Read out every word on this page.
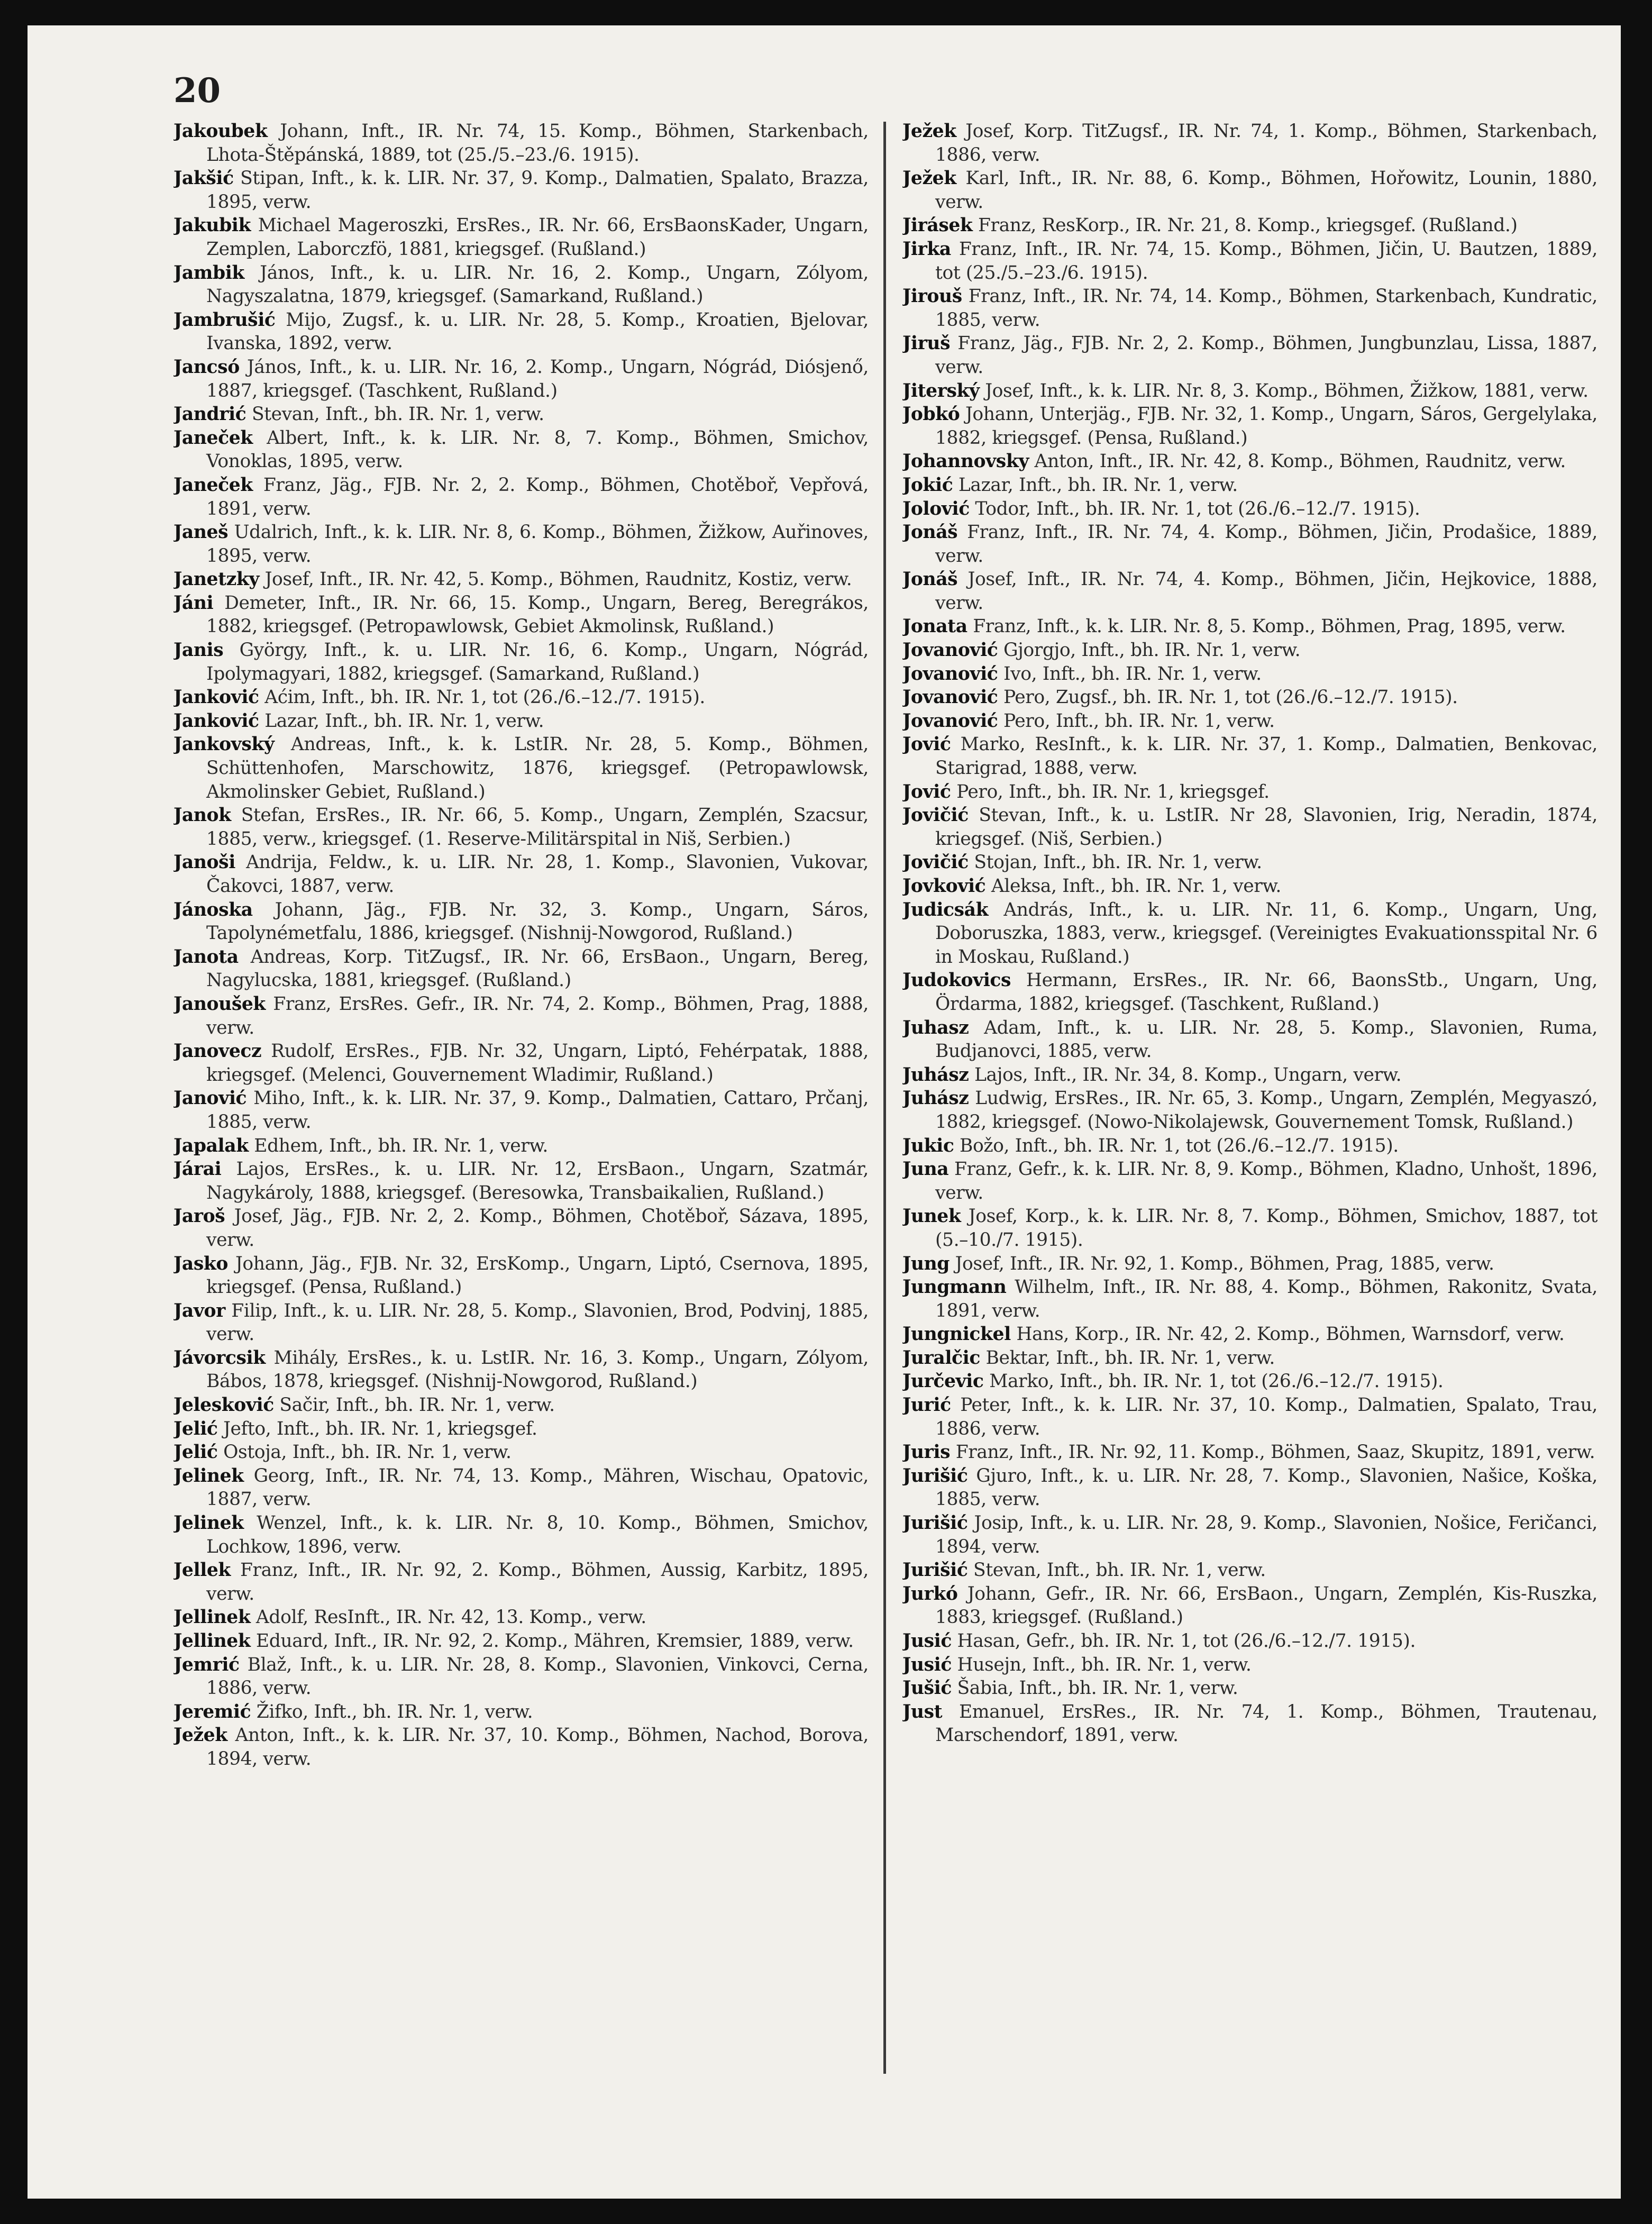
20

Jakoubek Johann, Inft., IR. Nr. 74, 15. Komp., Böhmen, Starkenbach, Lhota-Štěpánská, 1889, tot (25./5.–23./6. 1915).

Jakšić Stipan, Inft., k. k. LIR. Nr. 37, 9. Komp., Dalmatien, Spalato, Brazza, 1895, verw.

Jakubik Michael Mageroszki, ErsRes., IR. Nr. 66, ErsBaonsKader, Ungarn, Zemplen, Laborczfö, 1881, kriegsgef. (Rußland.)

Jambik János, Inft., k. u. LIR. Nr. 16, 2. Komp., Ungarn, Zólyom, Nagyszalatna, 1879, kriegsgef. (Samarkand, Rußland.)

Jambrušić Mijo, Zugsf., k. u. LIR. Nr. 28, 5. Komp., Kroatien, Bjelovar, Ivanska, 1892, verw.

Jancsó János, Inft., k. u. LIR. Nr. 16, 2. Komp., Ungarn, Nógrád, Diósjenő, 1887, kriegsgef. (Taschkent, Rußland.)

Jandrić Stevan, Inft., bh. IR. Nr. 1, verw.

Janeček Albert, Inft., k. k. LIR. Nr. 8, 7. Komp., Böhmen, Smichov, Vonoklas, 1895, verw.

Janeček Franz, Jäg., FJB. Nr. 2, 2. Komp., Böhmen, Chotěboř, Vepřová, 1891, verw.

Janeš Udalrich, Inft., k. k. LIR. Nr. 8, 6. Komp., Böhmen, Žižkow, Auřinoves, 1895, verw.

Janetzky Josef, Inft., IR. Nr. 42, 5. Komp., Böhmen, Raudnitz, Kostiz, verw.

Jáni Demeter, Inft., IR. Nr. 66, 15. Komp., Ungarn, Bereg, Beregrákos, 1882, kriegsgef. (Petropawlowsk, Gebiet Akmolinsk, Rußland.)

Janis György, Inft., k. u. LIR. Nr. 16, 6. Komp., Ungarn, Nógrád, Ipolymagyari, 1882, kriegsgef. (Samarkand, Rußland.)

Janković Aćim, Inft., bh. IR. Nr. 1, tot (26./6.–12./7. 1915).

Janković Lazar, Inft., bh. IR. Nr. 1, verw.

Jankovský Andreas, Inft., k. k. LstIR. Nr. 28, 5. Komp., Böhmen, Schüttenhofen, Marschowitz, 1876, kriegsgef. (Petropawlowsk, Akmolinsker Gebiet, Rußland.)

Janok Stefan, ErsRes., IR. Nr. 66, 5. Komp., Ungarn, Zemplén, Szacsur, 1885, verw., kriegsgef. (1. Reserve-Militärspital in Niš, Serbien.)

Janoši Andrija, Feldw., k. u. LIR. Nr. 28, 1. Komp., Slavonien, Vukovar, Čakovci, 1887, verw.

Jánoska Johann, Jäg., FJB. Nr. 32, 3. Komp., Ungarn, Sáros, Tapolynémetfalu, 1886, kriegsgef. (Nishnij-Nowgorod, Rußland.)

Janota Andreas, Korp. TitZugsf., IR. Nr. 66, ErsBaon., Ungarn, Bereg, Nagylucska, 1881, kriegsgef. (Rußland.)

Janoušek Franz, ErsRes. Gefr., IR. Nr. 74, 2. Komp., Böhmen, Prag, 1888, verw.

Janovecz Rudolf, ErsRes., FJB. Nr. 32, Ungarn, Liptó, Fehérpatak, 1888, kriegsgef. (Melenci, Gouvernement Wladimir, Rußland.)

Janović Miho, Inft., k. k. LIR. Nr. 37, 9. Komp., Dalmatien, Cattaro, Prčanj, 1885, verw.

Japalak Edhem, Inft., bh. IR. Nr. 1, verw.

Járai Lajos, ErsRes., k. u. LIR. Nr. 12, ErsBaon., Ungarn, Szatmár, Nagykároly, 1888, kriegsgef. (Beresowka, Transbaikalien, Rußland.)

Jaroš Josef, Jäg., FJB. Nr. 2, 2. Komp., Böhmen, Chotěboř, Sázava, 1895, verw.

Jasko Johann, Jäg., FJB. Nr. 32, ErsKomp., Ungarn, Liptó, Csernova, 1895, kriegsgef. (Pensa, Rußland.)

Javor Filip, Inft., k. u. LIR. Nr. 28, 5. Komp., Slavonien, Brod, Podvinj, 1885, verw.

Jávorcsik Mihály, ErsRes., k. u. LstIR. Nr. 16, 3. Komp., Ungarn, Zólyom, Bábos, 1878, kriegsgef. (Nishnij-Nowgorod, Rußland.)

Jelesković Sačir, Inft., bh. IR. Nr. 1, verw.

Jelić Jefto, Inft., bh. IR. Nr. 1, kriegsgef.

Jelić Ostoja, Inft., bh. IR. Nr. 1, verw.

Jelinek Georg, Inft., IR. Nr. 74, 13. Komp., Mähren, Wischau, Opatovic, 1887, verw.

Jelinek Wenzel, Inft., k. k. LIR. Nr. 8, 10. Komp., Böhmen, Smichov, Lochkow, 1896, verw.

Jellek Franz, Inft., IR. Nr. 92, 2. Komp., Böhmen, Aussig, Karbitz, 1895, verw.

Jellinek Adolf, ResInft., IR. Nr. 42, 13. Komp., verw.

Jellinek Eduard, Inft., IR. Nr. 92, 2. Komp., Mähren, Kremsier, 1889, verw.

Jemrić Blaž, Inft., k. u. LIR. Nr. 28, 8. Komp., Slavonien, Vinkovci, Cerna, 1886, verw.

Jeremić Žifko, Inft., bh. IR. Nr. 1, verw.

Ježek Anton, Inft., k. k. LIR. Nr. 37, 10. Komp., Böhmen, Nachod, Borova, 1894, verw.

Ježek Josef, Korp. TitZugsf., IR. Nr. 74, 1. Komp., Böhmen, Starkenbach, 1886, verw.

Ježek Karl, Inft., IR. Nr. 88, 6. Komp., Böhmen, Hořowitz, Lounin, 1880, verw.

Jirásek Franz, ResKorp., IR. Nr. 21, 8. Komp., kriegsgef. (Rußland.)

Jirka Franz, Inft., IR. Nr. 74, 15. Komp., Böhmen, Jičin, U. Bautzen, 1889, tot (25./5.–23./6. 1915).

Jirouš Franz, Inft., IR. Nr. 74, 14. Komp., Böhmen, Starkenbach, Kundratic, 1885, verw.

Jiruš Franz, Jäg., FJB. Nr. 2, 2. Komp., Böhmen, Jungbunzlau, Lissa, 1887, verw.

Jiterský Josef, Inft., k. k. LIR. Nr. 8, 3. Komp., Böhmen, Žižkow, 1881, verw.

Jobkó Johann, Unterjäg., FJB. Nr. 32, 1. Komp., Ungarn, Sáros, Gergelylaka, 1882, kriegsgef. (Pensa, Rußland.)

Johannovsky Anton, Inft., IR. Nr. 42, 8. Komp., Böhmen, Raudnitz, verw.

Jokić Lazar, Inft., bh. IR. Nr. 1, verw.

Jolović Todor, Inft., bh. IR. Nr. 1, tot (26./6.–12./7. 1915).

Jonáš Franz, Inft., IR. Nr. 74, 4. Komp., Böhmen, Jičin, Prodašice, 1889, verw.

Jonáš Josef, Inft., IR. Nr. 74, 4. Komp., Böhmen, Jičin, Hejkovice, 1888, verw.

Jonata Franz, Inft., k. k. LIR. Nr. 8, 5. Komp., Böhmen, Prag, 1895, verw.

Jovanović Gjorgjo, Inft., bh. IR. Nr. 1, verw.

Jovanović Ivo, Inft., bh. IR. Nr. 1, verw.

Jovanović Pero, Zugsf., bh. IR. Nr. 1, tot (26./6.–12./7. 1915).

Jovanović Pero, Inft., bh. IR. Nr. 1, verw.

Jović Marko, ResInft., k. k. LIR. Nr. 37, 1. Komp., Dalmatien, Benkovac, Starigrad, 1888, verw.

Jović Pero, Inft., bh. IR. Nr. 1, kriegsgef.

Jovičić Stevan, Inft., k. u. LstIR. Nr 28, Slavonien, Irig, Neradin, 1874, kriegsgef. (Niš, Serbien.)

Jovičić Stojan, Inft., bh. IR. Nr. 1, verw.

Jovković Aleksa, Inft., bh. IR. Nr. 1, verw.

Judicsák András, Inft., k. u. LIR. Nr. 11, 6. Komp., Ungarn, Ung, Doboruszka, 1883, verw., kriegsgef. (Vereinigtes Evakuationsspital Nr. 6 in Moskau, Rußland.)

Judokovics Hermann, ErsRes., IR. Nr. 66, BaonsStb., Ungarn, Ung, Ördarma, 1882, kriegsgef. (Taschkent, Rußland.)

Juhasz Adam, Inft., k. u. LIR. Nr. 28, 5. Komp., Slavonien, Ruma, Budjanovci, 1885, verw.

Juhász Lajos, Inft., IR. Nr. 34, 8. Komp., Ungarn, verw.

Juhász Ludwig, ErsRes., IR. Nr. 65, 3. Komp., Ungarn, Zemplén, Megyaszó, 1882, kriegsgef. (Nowo-Nikolajewsk, Gouvernement Tomsk, Rußland.)

Jukic Božo, Inft., bh. IR. Nr. 1, tot (26./6.–12./7. 1915).

Juna Franz, Gefr., k. k. LIR. Nr. 8, 9. Komp., Böhmen, Kladno, Unhošt, 1896, verw.

Junek Josef, Korp., k. k. LIR. Nr. 8, 7. Komp., Böhmen, Smichov, 1887, tot (5.–10./7. 1915).

Jung Josef, Inft., IR. Nr. 92, 1. Komp., Böhmen, Prag, 1885, verw.

Jungmann Wilhelm, Inft., IR. Nr. 88, 4. Komp., Böhmen, Rakonitz, Svata, 1891, verw.

Jungnickel Hans, Korp., IR. Nr. 42, 2. Komp., Böhmen, Warnsdorf, verw.

Juralčic Bektar, Inft., bh. IR. Nr. 1, verw.

Jurčevic Marko, Inft., bh. IR. Nr. 1, tot (26./6.–12./7. 1915).

Jurić Peter, Inft., k. k. LIR. Nr. 37, 10. Komp., Dalmatien, Spalato, Trau, 1886, verw.

Juris Franz, Inft., IR. Nr. 92, 11. Komp., Böhmen, Saaz, Skupitz, 1891, verw.

Jurišić Gjuro, Inft., k. u. LIR. Nr. 28, 7. Komp., Slavonien, Našice, Koška, 1885, verw.

Jurišić Josip, Inft., k. u. LIR. Nr. 28, 9. Komp., Slavonien, Nošice, Feričanci, 1894, verw.

Jurišić Stevan, Inft., bh. IR. Nr. 1, verw.

Jurkó Johann, Gefr., IR. Nr. 66, ErsBaon., Ungarn, Zemplén, Kis-Ruszka, 1883, kriegsgef. (Rußland.)

Jusić Hasan, Gefr., bh. IR. Nr. 1, tot (26./6.–12./7. 1915).

Jusić Husejn, Inft., bh. IR. Nr. 1, verw.

Jušić Šabia, Inft., bh. IR. Nr. 1, verw.

Just Emanuel, ErsRes., IR. Nr. 74, 1. Komp., Böhmen, Trautenau, Marschendorf, 1891, verw.
